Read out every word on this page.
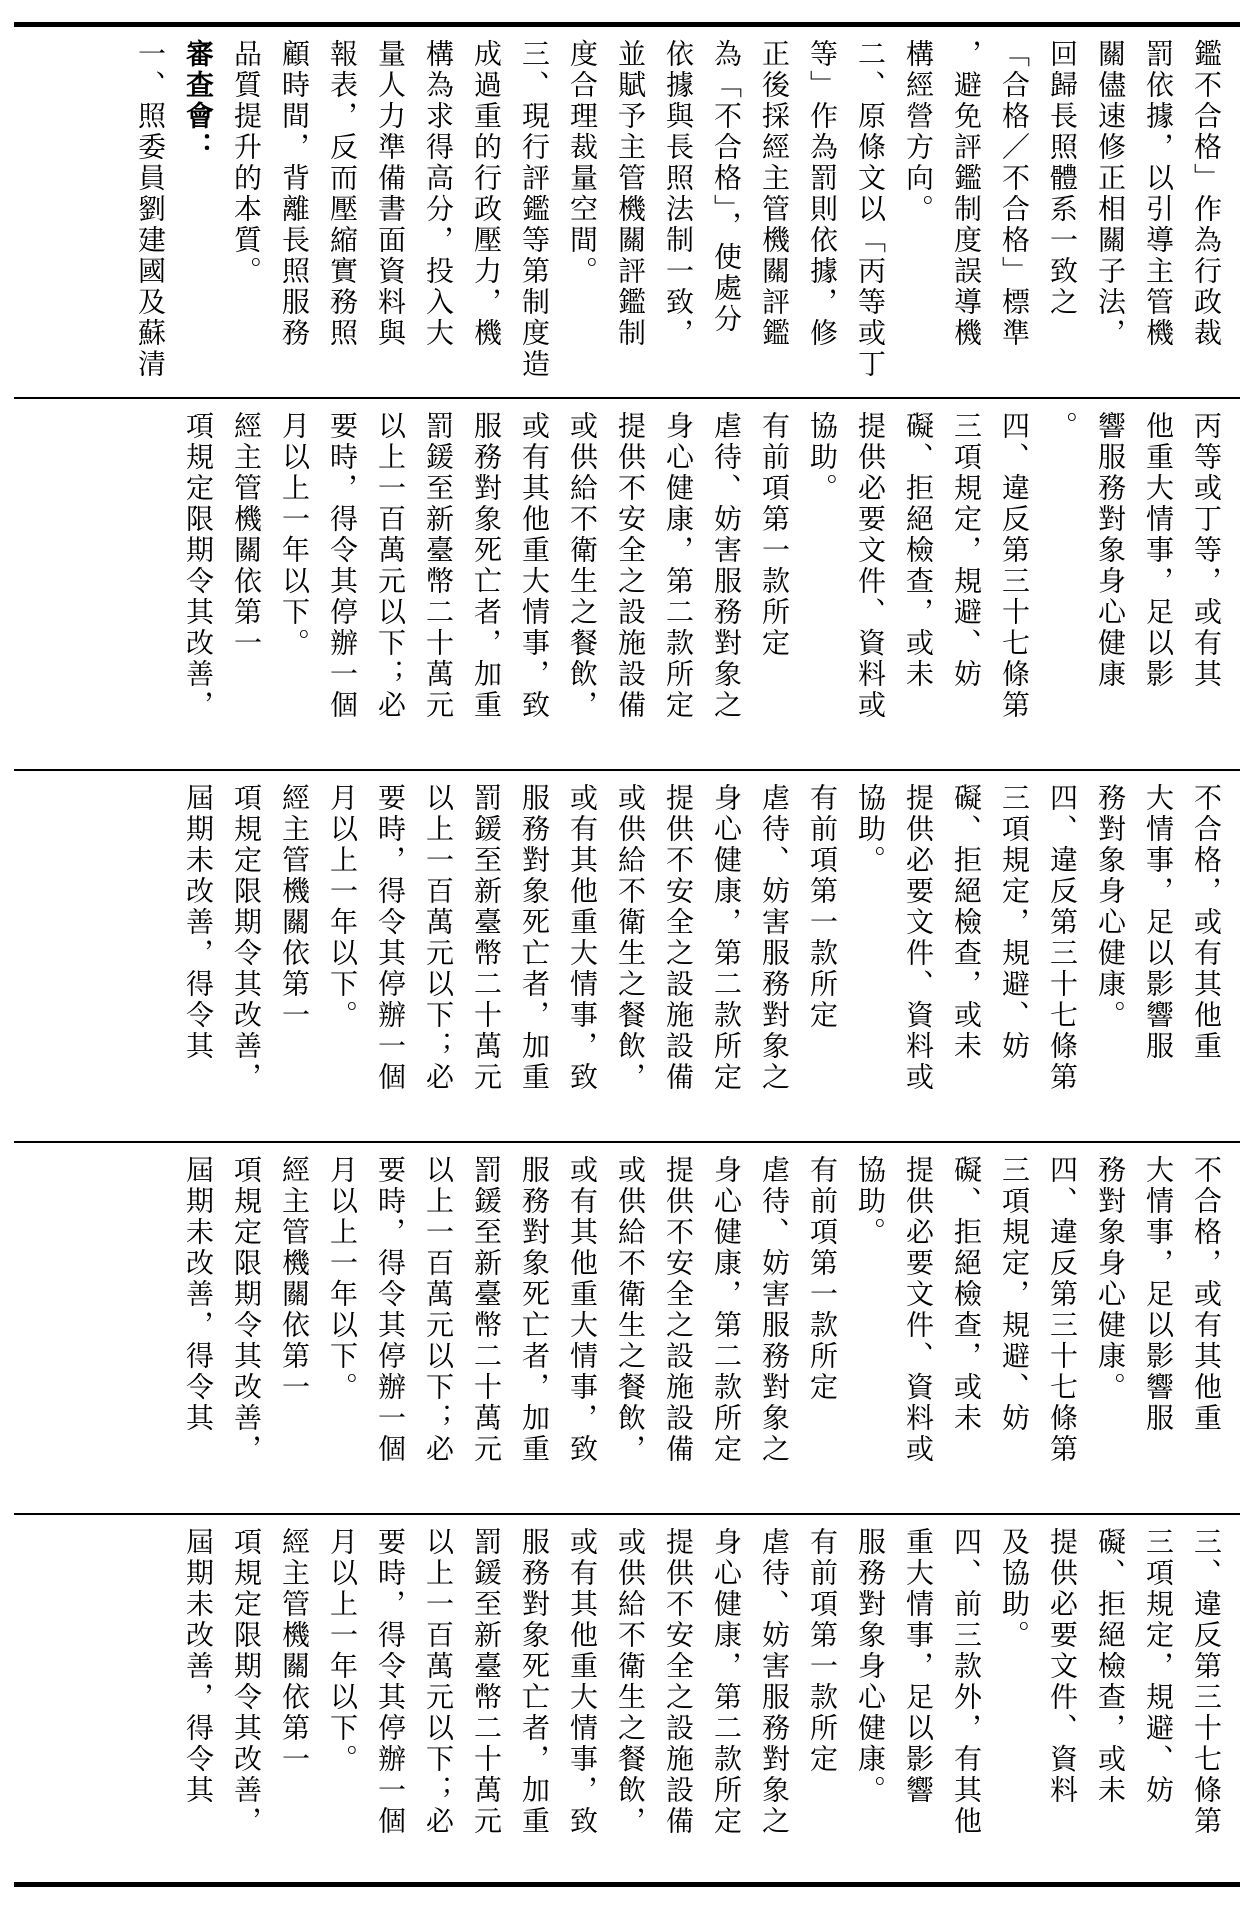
鑑不合格」作為行政裁
罰依據，以引導主管機
關儘速修正相關子法，
回歸長照體系一致之
「合格／不合格」標準
，避免評鑑制度誤導機
構經營方向。
二、原條文以「丙等或丁
等」作為罰則依據，修
正後採經主管機關評鑑
為「不合格」，使處分
依據與長照法制一致，
並賦予主管機關評鑑制
度合理裁量空間。
三、現行評鑑等第制度造
成過重的行政壓力，機
構為求得高分，投入大
量人力準備書面資料與
報表，反而壓縮實務照
顧時間，背離長照服務
品質提升的本質。
審查會：
一、照委員劉建國及蘇清
丙等或丁等，或有其
他重大情事，足以影
響服務對象身心健康
。
四、違反第三十七條第
三項規定，規避、妨
礙、拒絕檢查，或未
提供必要文件、資料或
協助。
有前項第一款所定
虐待、妨害服務對象之
身心健康，第二款所定
提供不安全之設施設備
或供給不衛生之餐飲，
或有其他重大情事，致
服務對象死亡者，加重
罰鍰至新臺幣二十萬元
以上一百萬元以下；必
要時，得令其停辦一個
月以上一年以下。
經主管機關依第一
項規定限期令其改善，
不合格，或有其他重
大情事，足以影響服
務對象身心健康。
四、違反第三十七條第
三項規定，規避、妨
礙、拒絕檢查，或未
提供必要文件、資料或
協助。
有前項第一款所定
虐待、妨害服務對象之
身心健康，第二款所定
提供不安全之設施設備
或供給不衛生之餐飲，
或有其他重大情事，致
服務對象死亡者，加重
罰鍰至新臺幣二十萬元
以上一百萬元以下；必
要時，得令其停辦一個
月以上一年以下。
經主管機關依第一
項規定限期令其改善，
屆期未改善，得令其
不合格，或有其他重
大情事，足以影響服
務對象身心健康。
四、違反第三十七條第
三項規定，規避、妨
礙、拒絕檢查，或未
提供必要文件、資料或
協助。
有前項第一款所定
虐待、妨害服務對象之
身心健康，第二款所定
提供不安全之設施設備
或供給不衛生之餐飲，
或有其他重大情事，致
服務對象死亡者，加重
罰鍰至新臺幣二十萬元
以上一百萬元以下；必
要時，得令其停辦一個
月以上一年以下。
經主管機關依第一
項規定限期令其改善，
屆期未改善，得令其
三、違反第三十七條第
三項規定，規避、妨
礙、拒絕檢查，或未
提供必要文件、資料
及協助。
四、前三款外，有其他
重大情事，足以影響
服務對象身心健康。
有前項第一款所定
虐待、妨害服務對象之
身心健康，第二款所定
提供不安全之設施設備
或供給不衛生之餐飲，
或有其他重大情事，致
服務對象死亡者，加重
罰鍰至新臺幣二十萬元
以上一百萬元以下；必
要時，得令其停辦一個
月以上一年以下。
經主管機關依第一
項規定限期令其改善，
屆期未改善，得令其
